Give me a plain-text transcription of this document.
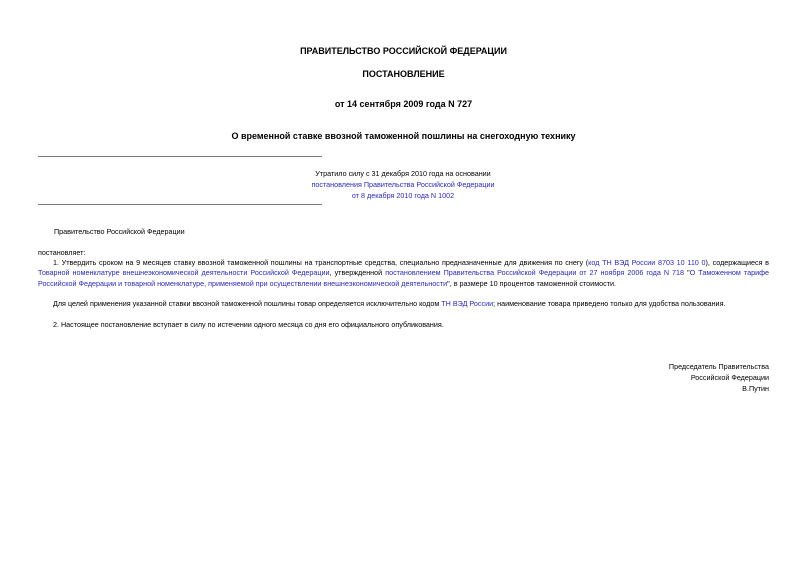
ПРАВИТЕЛЬСТВО РОССИЙСКОЙ ФЕДЕРАЦИИ
ПОСТАНОВЛЕНИЕ
от 14 сентября 2009 года N 727
О временной ставке ввозной таможенной пошлины на снегоходную технику
Утратило силу с 31 декабря 2010 года на основании
постановления Правительства Российской Федерации
от 8 декабря 2010 года N 1002
Правительство Российской Федерации
постановляет:
1. Утвердить сроком на 9 месяцев ставку ввозной таможенной пошлины на транспортные средства, специально предназначенные для движения по снегу (код ТН ВЭД России 8703 10 110 0), содержащиеся в Товарной номенклатуре внешнеэкономической деятельности Российской Федерации, утвержденной постановлением Правительства Российской Федерации от 27 ноября 2006 года N 718 "О Таможенном тарифе Российской Федерации и товарной номенклатуре, применяемой при осуществлении внешнеэкономической деятельности", в размере 10 процентов таможенной стоимости.
Для целей применения указанной ставки ввозной таможенной пошлины товар определяется исключительно кодом ТН ВЭД России; наименование товара приведено только для удобства пользования.
2. Настоящее постановление вступает в силу по истечении одного месяца со дня его официального опубликования.
Председатель Правительства
Российской Федерации
В.Путин
